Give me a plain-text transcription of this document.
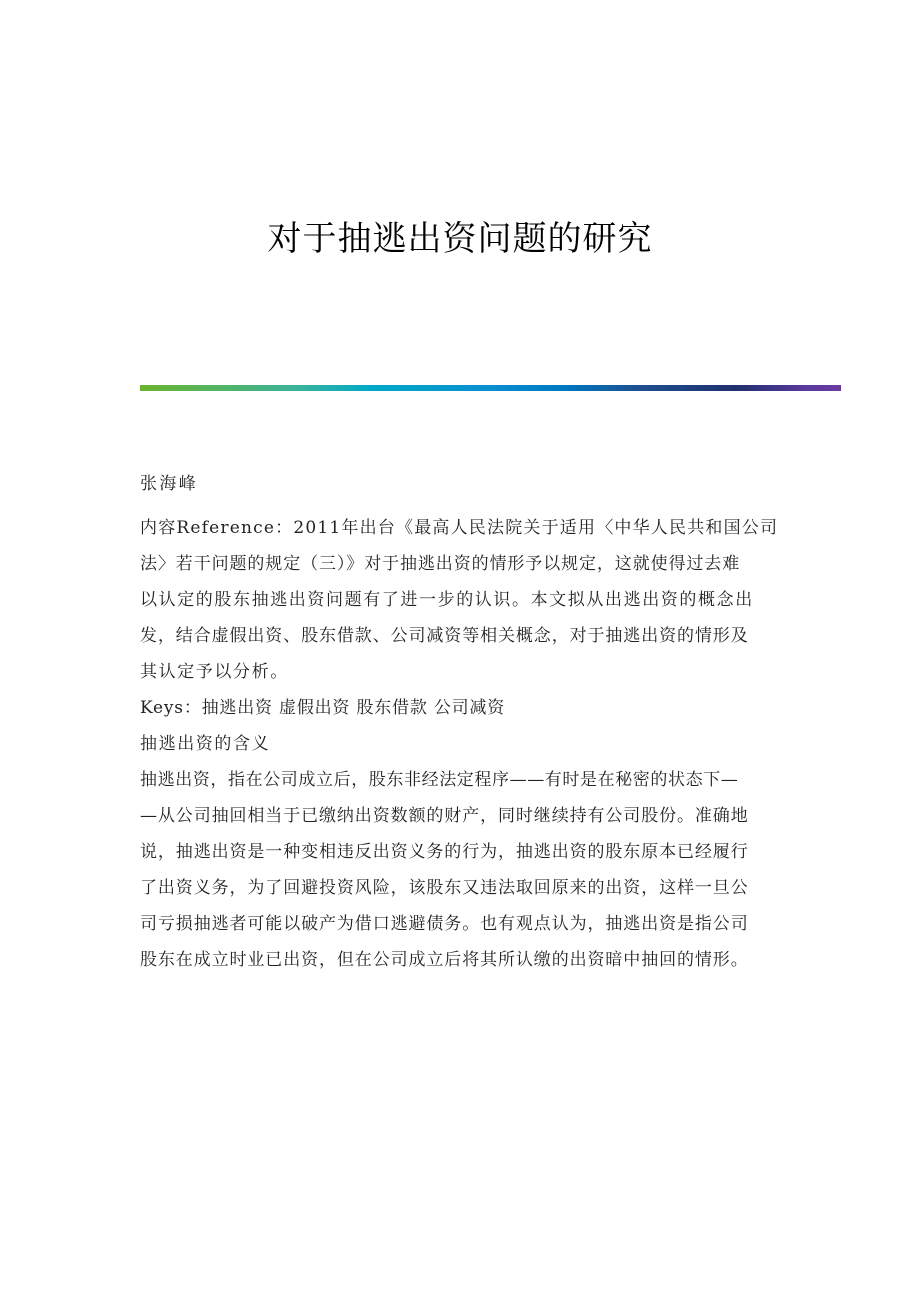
对于抽逃出资问题的研究
张海峰
内容Reference：2011年出台《最高人民法院关于适用〈中华人民共和国公司
法〉若干问题的规定（三）》对于抽逃出资的情形予以规定，这就使得过去难
以认定的股东抽逃出资问题有了进一步的认识。本文拟从出逃出资的概念出
发，结合虚假出资、股东借款、公司减资等相关概念，对于抽逃出资的情形及
其认定予以分析。
Keys：抽逃出资 虚假出资 股东借款 公司减资
抽逃出资的含义
抽逃出资，指在公司成立后，股东非经法定程序——有时是在秘密的状态下—
—从公司抽回相当于已缴纳出资数额的财产，同时继续持有公司股份。准确地
说，抽逃出资是一种变相违反出资义务的行为，抽逃出资的股东原本已经履行
了出资义务，为了回避投资风险，该股东又违法取回原来的出资，这样一旦公
司亏损抽逃者可能以破产为借口逃避债务。也有观点认为，抽逃出资是指公司
股东在成立时业已出资，但在公司成立后将其所认缴的出资暗中抽回的情形。
